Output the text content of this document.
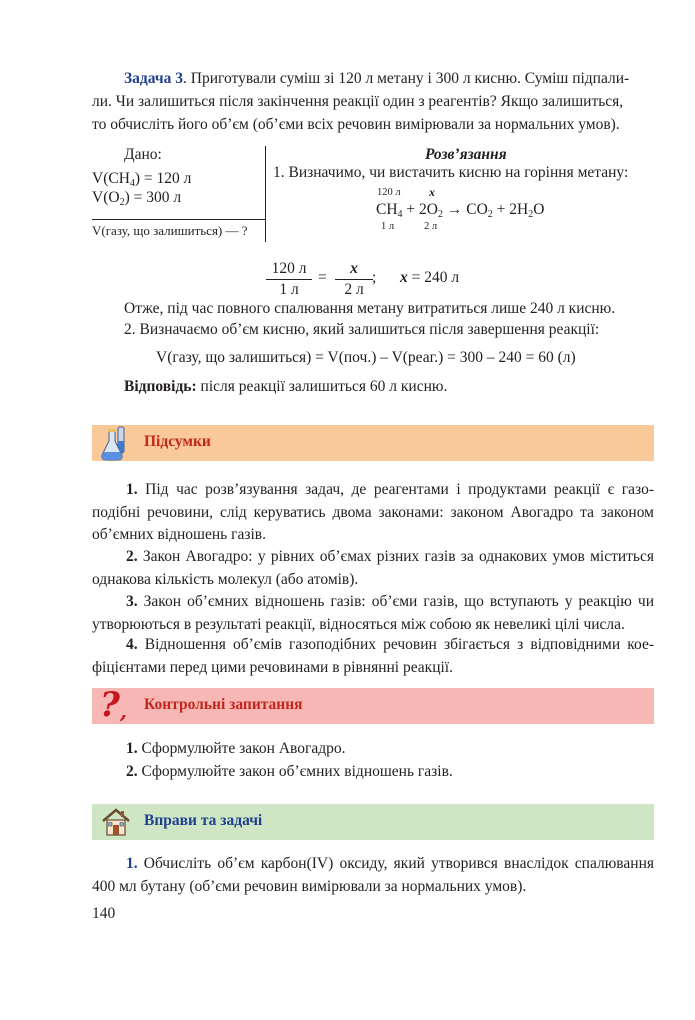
Задача 3. Приготували суміш зі 120 л метану і 300 л кисню. Суміш підпали-
ли. Чи залишиться після закінчення реакції один з реагентів? Якщо залишиться,
то обчисліть його об’єм (об’єми всіх речовин вимірювали за нормальних умов).
Дано:
$V(CH_4) = 120$ л
$V(O_2) = 300$ л
V(газу, що залишиться) — ?
Розв’язання
1. Визначимо, чи вистачить кисню на горіння метану:
120 л x
$CH_4 + 2O_2 \to CO_2 + 2H_2O$
1 л	2 л
120 л
1 л
=
x
2 л
; x = 240 л
Отже, під час повного спалювання метану витратиться лише 240 л кисню.
2. Визначаємо об’єм кисню, який залишиться після завершення реакції:
V(газу, що залишиться) = V(поч.) – V(реаг.) = 300 – 240 = 60 (л)
Відповідь: після реакції залишиться 60 л кисню.
Підсумки
1. Під час розв’язування задач, де реагентами і продуктами реакції є газо-подібні речовини, слід керуватись двома законами: законом Авогадро та законом об’ємних відношень газів.
2. Закон Авогадро: у рівних об’ємах різних газів за однакових умов міститься однакова кількість молекул (або атомів).
3. Закон об’ємних відношень газів: об’єми газів, що вступають у реакцію чи утворюються в результаті реакції, відносяться між собою як невеликі цілі числа.
4. Відношення об’ємів газоподібних речовин збігається з відповідними кое-фіцієнтами перед цими речовинами в рівнянні реакції.
?, Контрольні запитання
1. Сформулюйте закон Авогадро.
2. Сформулюйте закон об’ємних відношень газів.
Вправи та задачі
1. Обчисліть об’єм карбон(IV) оксиду, який утворився внаслідок спалювання 400 мл бутану (об’єми речовин вимірювали за нормальних умов).
140
